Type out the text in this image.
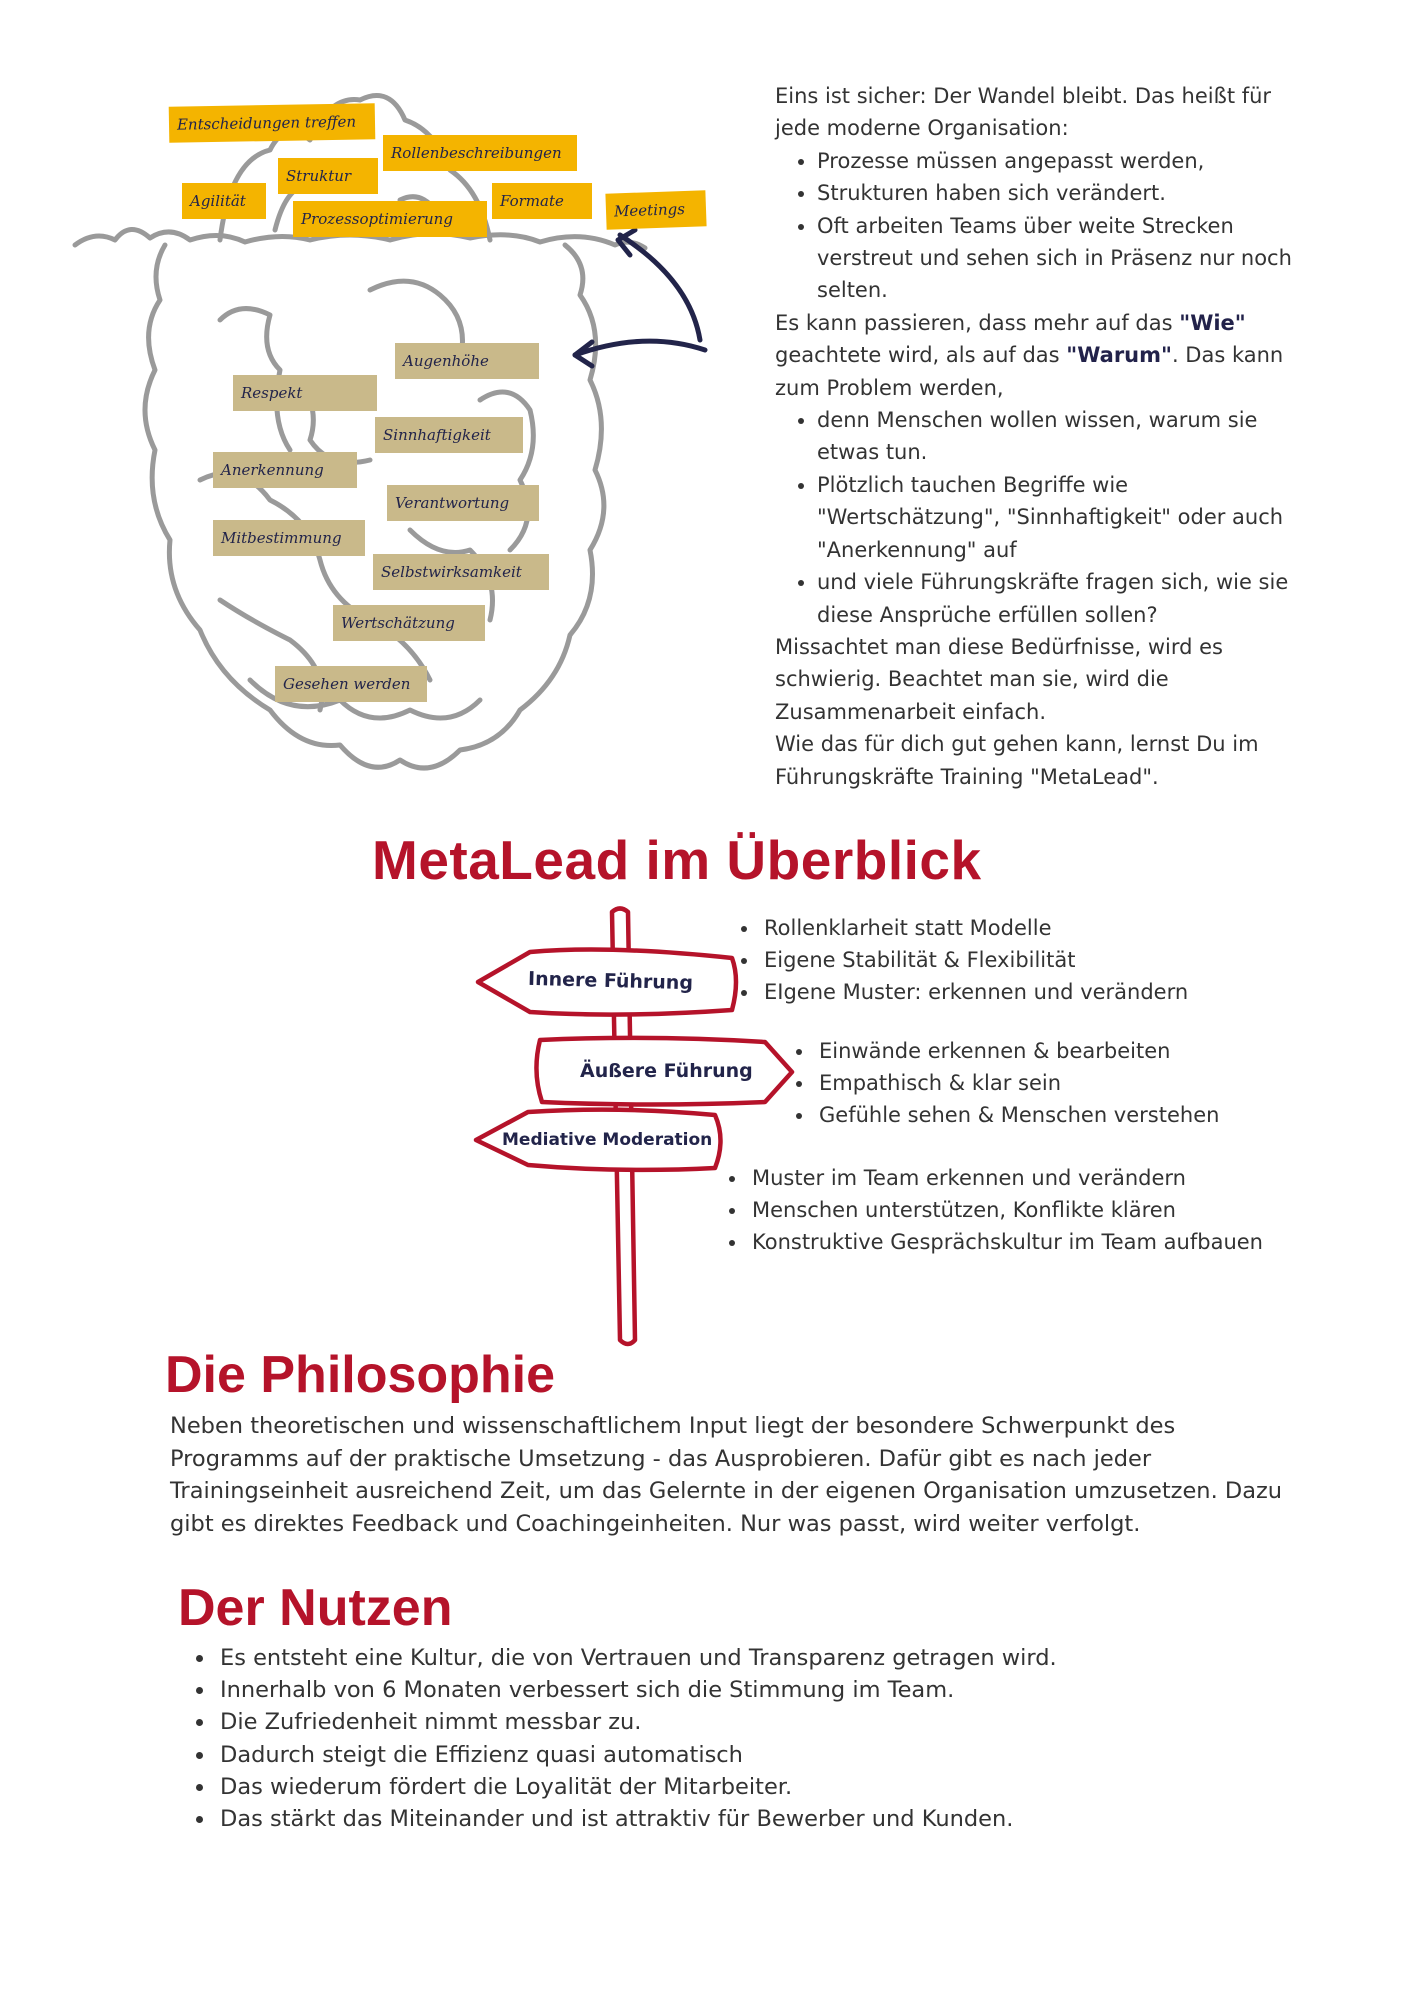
Entscheidungen treffen
Struktur
Rollenbeschreibungen
Agilität
Prozessoptimierung
Formate	Meetings
Augenhöhe
Respekt
Sinnhaftigkeit
Anerkennung
Verantwortung
Mitbestimmung
Selbstwirksamkeit
Wertschätzung
Gesehen werden

Eins ist sicher: Der Wandel bleibt. Das heißt für jede moderne Organisation:

• Prozesse müssen angepasst werden,
• Strukturen haben sich verändert.
• Oft arbeiten Teams über weite Strecken verstreut und sehen sich in Präsenz nur noch selten.

Es kann passieren, dass mehr auf das "Wie" geachtete wird, als auf das "Warum". Das kann zum Problem werden,

• denn Menschen wollen wissen, warum sie etwas tun.
• Plötzlich tauchen Begriffe wie "Wertschätzung", "Sinnhaftigkeit" oder auch "Anerkennung" auf
• und viele Führungskräfte fragen sich, wie sie diese Ansprüche erfüllen sollen?

Missachtet man diese Bedürfnisse, wird es schwierig. Beachtet man sie, wird die Zusammenarbeit einfach.

Wie das für dich gut gehen kann, lernst Du im Führungskräfte Training "MetaLead".

MetaLead im Überblick
Innere Führung
Äußere Führung
Mediative Moderation
• Rollenklarheit statt Modelle
• Eigene Stabilität & Flexibilität
• EIgene Muster: erkennen und verändern
• Einwände erkennen & bearbeiten
• Empathisch & klar sein
• Gefühle sehen & Menschen verstehen
• Muster im Team erkennen und verändern
• Menschen unterstützen, Konflikte klären
• Konstruktive Gesprächskultur im Team aufbauen
Die Philosophie

Neben theoretischen und wissenschaftlichem Input liegt der besondere Schwerpunkt des Programms auf der praktische Umsetzung - das Ausprobieren. Dafür gibt es nach jeder Trainingseinheit ausreichend Zeit, um das Gelernte in der eigenen Organisation umzusetzen. Dazu gibt es direktes Feedback und Coachingeinheiten. Nur was passt, wird weiter verfolgt.

Der Nutzen
• Es entsteht eine Kultur, die von Vertrauen und Transparenz getragen wird.
• Innerhalb von 6 Monaten verbessert sich die Stimmung im Team.
• Die Zufriedenheit nimmt messbar zu.
• Dadurch steigt die Effizienz quasi automatisch
• Das wiederum fördert die Loyalität der Mitarbeiter.
• Das stärkt das Miteinander und ist attraktiv für Bewerber und Kunden.
